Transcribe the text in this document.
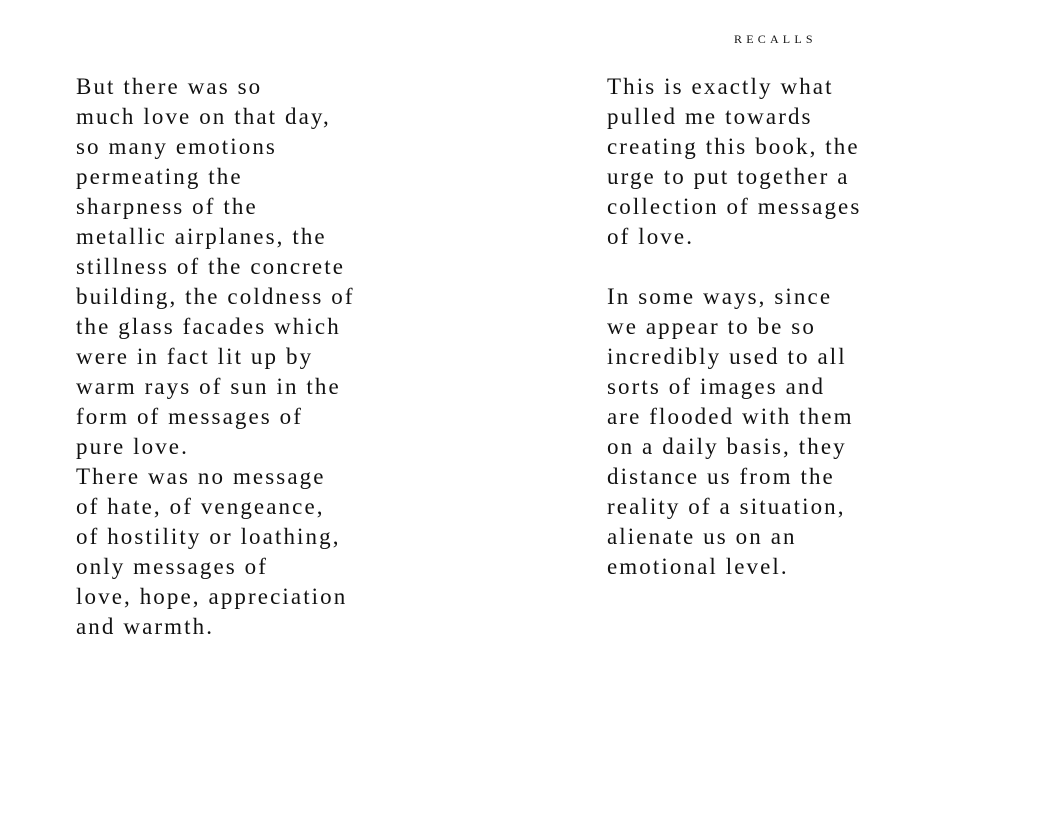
RECALLS
But there was so
much love on that day,
so many emotions
permeating the
sharpness of the
metallic airplanes, the
stillness of the concrete
building, the coldness of
the glass facades which
were in fact lit up by
warm rays of sun in the
form of messages of
pure love.
There was no message
of hate, of vengeance,
of hostility or loathing,
only messages of
love, hope, appreciation
and warmth.
This is exactly what
pulled me towards
creating this book, the
urge to put together a
collection of messages
of love.
In some ways, since
we appear to be so
incredibly used to all
sorts of images and
are flooded with them
on a daily basis, they
distance us from the
reality of a situation,
alienate us on an
emotional level.
